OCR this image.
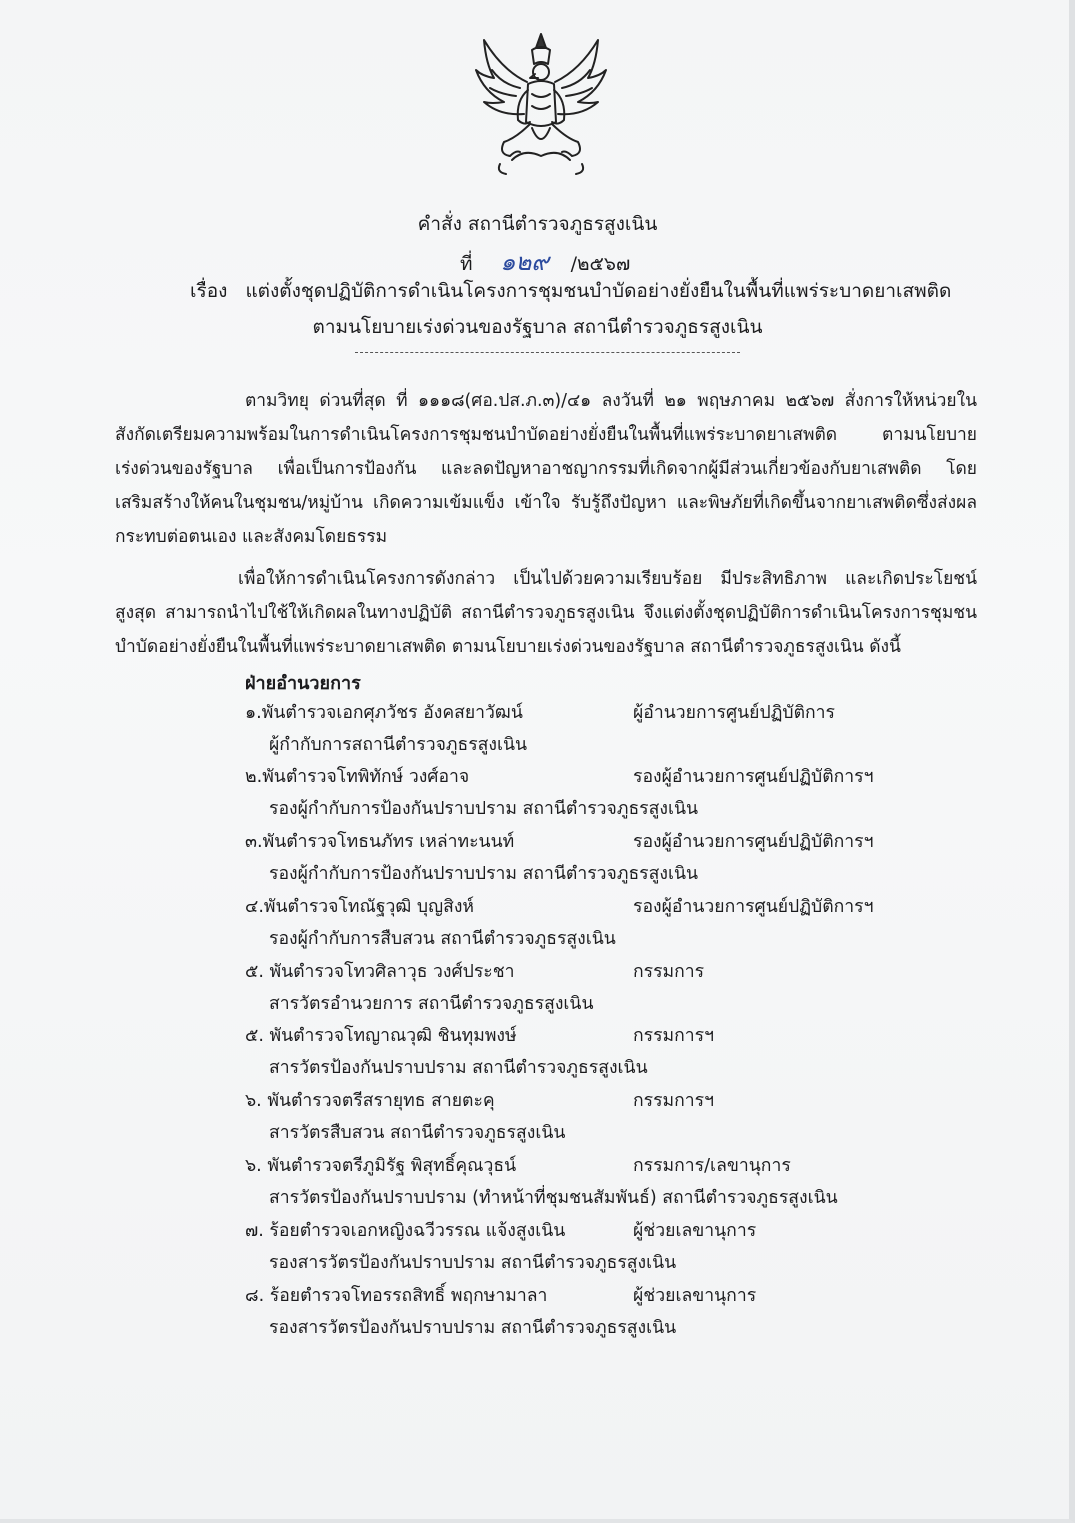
คำสั่ง สถานีตำรวจภูธรสูงเนิน
ที่ ๑๒๙ /๒๕๖๗
เรื่อง แต่งตั้งชุดปฏิบัติการดำเนินโครงการชุมชนบำบัดอย่างยั่งยืนในพื้นที่แพร่ระบาดยาเสพติด
ตามนโยบายเร่งด่วนของรัฐบาล สถานีตำรวจภูธรสูงเนิน
ตามวิทยุ ด่วนที่สุด ที่ ๑๑๑๘(ศอ.ปส.ภ.๓)/๔๑ ลงวันที่ ๒๑ พฤษภาคม ๒๕๖๗ สั่งการให้หน่วยใน
สังกัดเตรียมความพร้อมในการดำเนินโครงการชุมชนบำบัดอย่างยั่งยืนในพื้นที่แพร่ระบาดยาเสพติด ตามนโยบาย
เร่งด่วนของรัฐบาล เพื่อเป็นการป้องกัน และลดปัญหาอาชญากรรมที่เกิดจากผู้มีส่วนเกี่ยวข้องกับยาเสพติด โดย
เสริมสร้างให้คนในชุมชน/หมู่บ้าน เกิดความเข้มแข็ง เข้าใจ รับรู้ถึงปัญหา และพิษภัยที่เกิดขึ้นจากยาเสพติดซึ่งส่งผล
กระทบต่อตนเอง และสังคมโดยธรรม
เพื่อให้การดำเนินโครงการดังกล่าว เป็นไปด้วยความเรียบร้อย มีประสิทธิภาพ และเกิดประโยชน์
สูงสุด สามารถนำไปใช้ให้เกิดผลในทางปฏิบัติ สถานีตำรวจภูธรสูงเนิน จึงแต่งตั้งชุดปฏิบัติการดำเนินโครงการชุมชน
บำบัดอย่างยั่งยืนในพื้นที่แพร่ระบาดยาเสพติด ตามนโยบายเร่งด่วนของรัฐบาล สถานีตำรวจภูธรสูงเนิน ดังนี้
ฝ่ายอำนวยการ
๑.พันตำรวจเอกศุภวัชร อังคสยาวัฒน์	ผู้อำนวยการศูนย์ปฏิบัติการ
ผู้กำกับการสถานีตำรวจภูธรสูงเนิน
๒.พันตำรวจโทพิทักษ์ วงศ์อาจ	รองผู้อำนวยการศูนย์ปฏิบัติการฯ
รองผู้กำกับการป้องกันปราบปราม สถานีตำรวจภูธรสูงเนิน
๓.พันตำรวจโทธนภัทร เหล่าทะนนท์	รองผู้อำนวยการศูนย์ปฏิบัติการฯ
รองผู้กำกับการป้องกันปราบปราม สถานีตำรวจภูธรสูงเนิน
๔.พันตำรวจโทณัฐวุฒิ บุญสิงห์	รองผู้อำนวยการศูนย์ปฏิบัติการฯ
รองผู้กำกับการสืบสวน สถานีตำรวจภูธรสูงเนิน
๕. พันตำรวจโทวศิลาวุธ วงศ์ประชา	กรรมการ
สารวัตรอำนวยการ สถานีตำรวจภูธรสูงเนิน
๕. พันตำรวจโทญาณวุฒิ ชินทุมพงษ์	กรรมการฯ
สารวัตรป้องกันปราบปราม สถานีตำรวจภูธรสูงเนิน
๖. พันตำรวจตรีสรายุทธ สายตะคุ	กรรมการฯ
สารวัตรสืบสวน สถานีตำรวจภูธรสูงเนิน
๖. พันตำรวจตรีภูมิรัฐ พิสุทธิ์คุณวุธน์	กรรมการ/เลขานุการ
สารวัตรป้องกันปราบปราม (ทำหน้าที่ชุมชนสัมพันธ์) สถานีตำรวจภูธรสูงเนิน
๗. ร้อยตำรวจเอกหญิงฉวีวรรณ แจ้งสูงเนิน	ผู้ช่วยเลขานุการ
รองสารวัตรป้องกันปราบปราม สถานีตำรวจภูธรสูงเนิน
๘. ร้อยตำรวจโทอรรถสิทธิ์ พฤกษามาลา	ผู้ช่วยเลขานุการ
รองสารวัตรป้องกันปราบปราม สถานีตำรวจภูธรสูงเนิน
